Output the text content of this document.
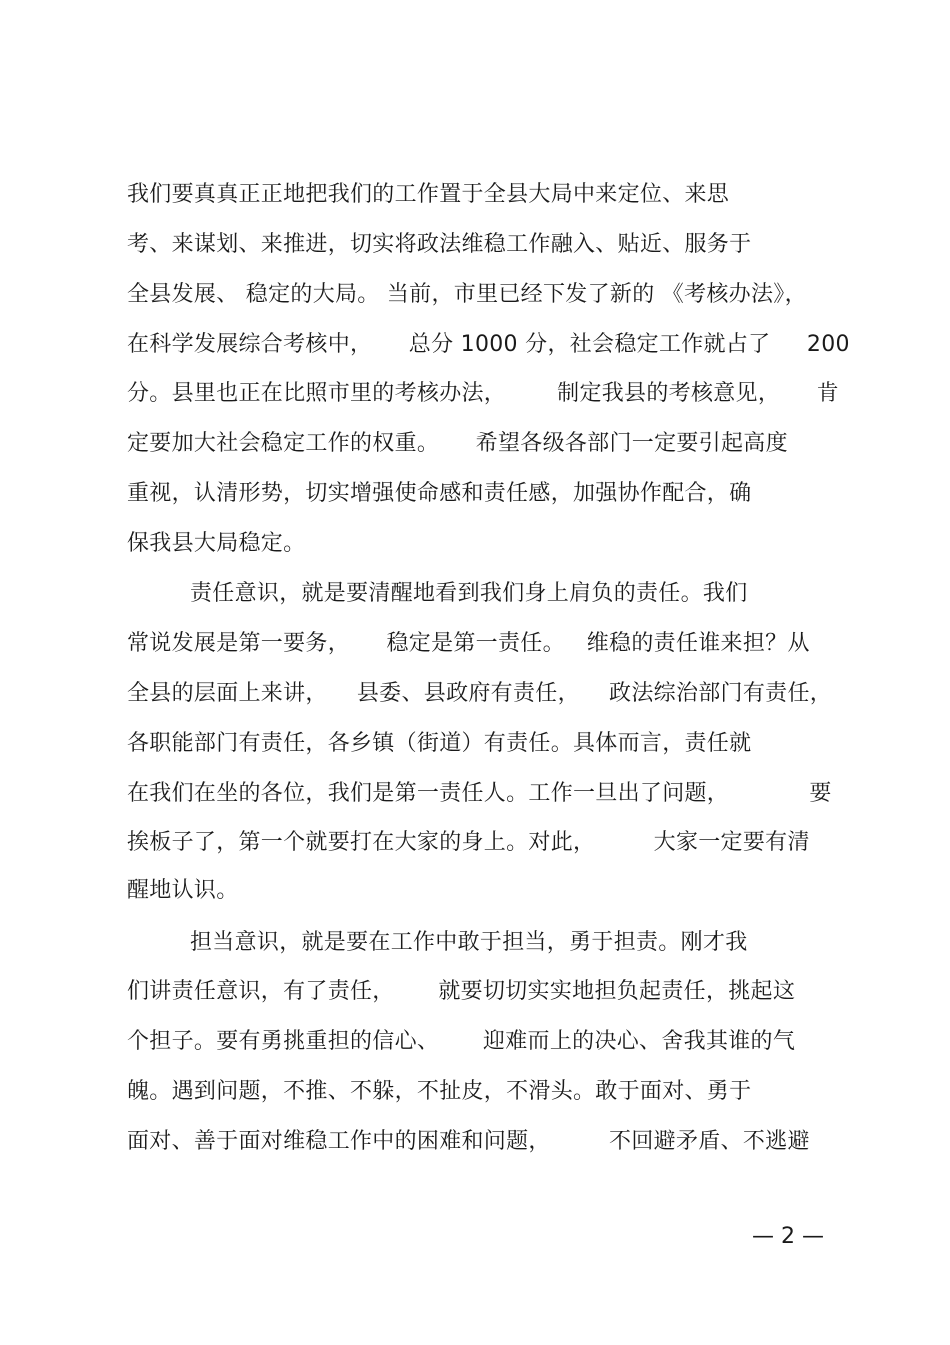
我们要真真正正地把我们的工作置于全县大局中来定位、来思
考、来谋划、来推进，切实将政法维稳工作融入、贴近、服务于
全县发展、 稳定的大局。 当前，市里已经下发了新的 《考核办法》，
在科学发展综合考核中，     总分 1000 分，社会稳定工作就占了     200
分。县里也正在比照市里的考核办法，       制定我县的考核意见，     肯
定要加大社会稳定工作的权重。     希望各级各部门一定要引起高度
重视，认清形势，切实增强使命感和责任感，加强协作配合，确
保我县大局稳定。
责任意识，就是要清醒地看到我们身上肩负的责任。我们
常说发展是第一要务，     稳定是第一责任。   维稳的责任谁来担？从
全县的层面上来讲，    县委、县政府有责任，    政法综治部门有责任，
各职能部门有责任，各乡镇（街道）有责任。具体而言，责任就
在我们在坐的各位，我们是第一责任人。工作一旦出了问题，           要
挨板子了，第一个就要打在大家的身上。对此，        大家一定要有清
醒地认识。
担当意识，就是要在工作中敢于担当，勇于担责。刚才我
们讲责任意识，有了责任，      就要切切实实地担负起责任，挑起这
个担子。要有勇挑重担的信心、      迎难而上的决心、舍我其谁的气
魄。遇到问题，不推、不躲，不扯皮，不滑头。敢于面对、勇于
面对、善于面对维稳工作中的困难和问题，        不回避矛盾、不逃避
— 2 —
